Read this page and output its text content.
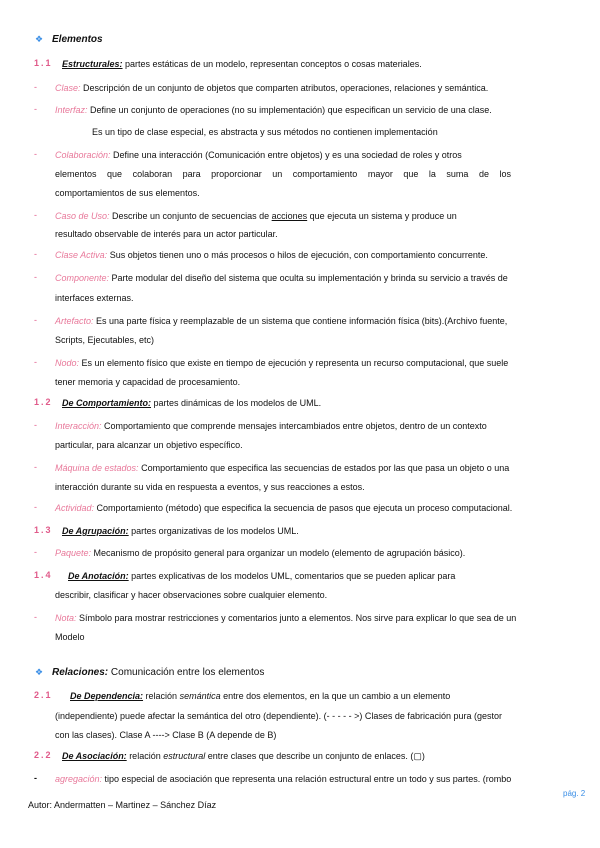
❖ Elementos
1.1 Estructurales: partes estáticas de un modelo, representan conceptos o cosas materiales.
- Clase: Descripción de un conjunto de objetos que comparten atributos, operaciones, relaciones y semántica.
- Interfaz: Define un conjunto de operaciones (no su implementación) que especifican un servicio de una clase.
Es un tipo de clase especial, es abstracta y sus métodos no contienen implementación
- Colaboración: Define una interacción (Comunicación entre objetos) y es una sociedad de roles y otros
elementos que colaboran para proporcionar un comportamiento mayor que la suma de los
comportamientos de sus elementos.
- Caso de Uso: Describe un conjunto de secuencias de acciones que ejecuta un sistema y produce un
resultado observable de interés para un actor particular.
- Clase Activa: Sus objetos tienen uno o más procesos o hilos de ejecución, con comportamiento concurrente.
- Componente: Parte modular del diseño del sistema que oculta su implementación y brinda su servicio a través de
interfaces externas.
- Artefacto: Es una parte física y reemplazable de un sistema que contiene información física (bits).(Archivo fuente,
Scripts, Ejecutables, etc)
- Nodo: Es un elemento físico que existe en tiempo de ejecución y representa un recurso computacional, que suele
tener memoria y capacidad de procesamiento.
1.2 De Comportamiento: partes dinámicas de los modelos de UML.
- Interacción: Comportamiento que comprende mensajes intercambiados entre objetos, dentro de un contexto
particular, para alcanzar un objetivo específico.
- Máquina de estados: Comportamiento que especifica las secuencias de estados por las que pasa un objeto o una
interacción durante su vida en respuesta a eventos, y sus reacciones a estos.
- Actividad: Comportamiento (método) que especifica la secuencia de pasos que ejecuta un proceso computacional.
1.3 De Agrupación: partes organizativas de los modelos UML.
- Paquete: Mecanismo de propósito general para organizar un modelo (elemento de agrupación básico).
1.4 De Anotación: partes explicativas de los modelos UML, comentarios que se pueden aplicar para
describir, clasificar y hacer observaciones sobre cualquier elemento.
- Nota: Símbolo para mostrar restricciones y comentarios junto a elementos. Nos sirve para explicar lo que sea de un
Modelo
❖ Relaciones: Comunicación entre los elementos
2.1 De Dependencia: relación semántica entre dos elementos, en la que un cambio a un elemento
(independiente) puede afectar la semántica del otro (dependiente). (- - - - - >) Clases de fabricación pura (gestor
con las clases). Clase A ----> Clase B (A depende de B)
2.2 De Asociación: relación estructural entre clases que describe un conjunto de enlaces. (▢)
- agregación: tipo especial de asociación que representa una relación estructural entre un todo y sus partes. (rombo
pág. 2
Autor: Andermatten – Martinez – Sánchez Díaz
